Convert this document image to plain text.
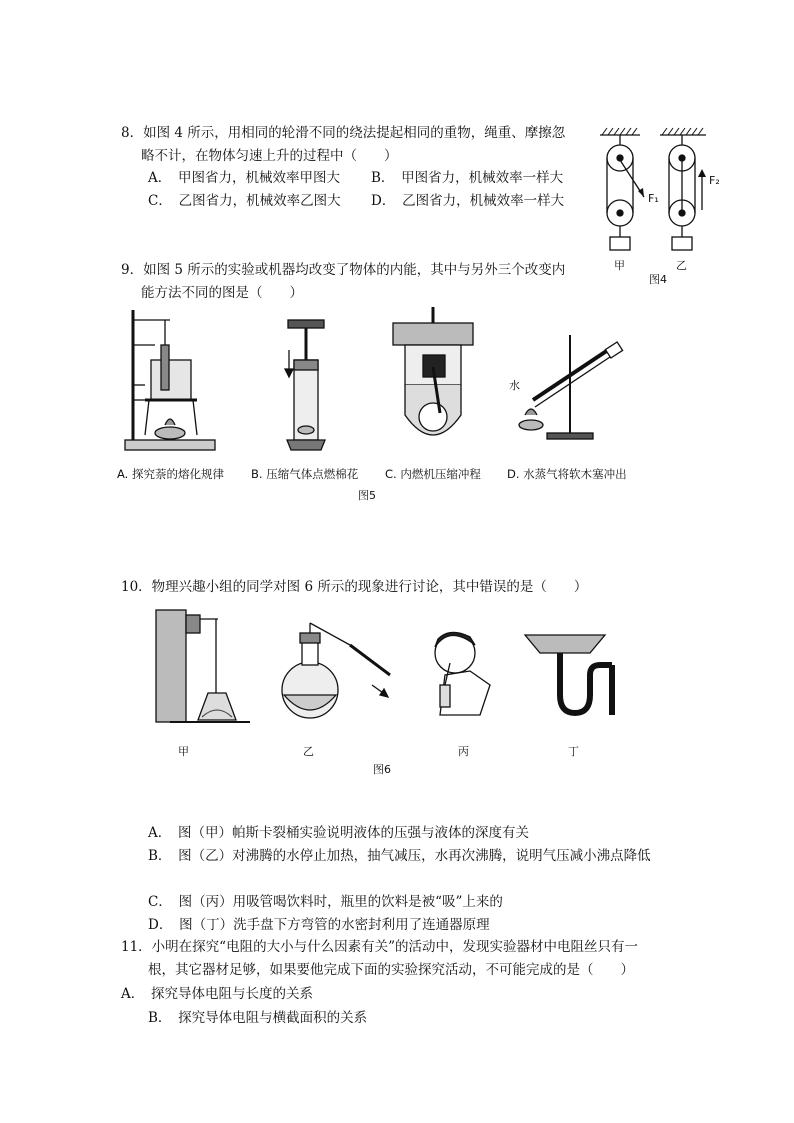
8．如图 4 所示，用相同的轮滑不同的绕法提起相同的重物，绳重、摩擦忽
略不计，在物体匀速上升的过程中（　　）
A．　甲图省力，机械效率甲图大 B．　甲图省力，机械效率一样大
C．　乙图省力，机械效率乙图大 D．　乙图省力，机械效率一样大	F₁
F₂
甲	乙
图4
9．如图 5 所示的实验或机器均改变了物体的内能，其中与另外三个改变内
能方法不同的图是（　　）
水
A. 探究萘的熔化规律 B. 压缩气体点燃棉花 C. 内燃机压缩冲程 D. 水蒸气将软木塞冲出
图5
10．物理兴趣小组的同学对图 6 所示的现象进行讨论，其中错误的是（　　）
甲	乙	丙	丁
图6
A．　图（甲）帕斯卡裂桶实验说明液体的压强与液体的深度有关
B．　图（乙）对沸腾的水停止加热，抽气减压，水再次沸腾，说明气压减小沸点降低
C．　图（丙）用吸管喝饮料时，瓶里的饮料是被“吸”上来的
D．　图（丁）洗手盘下方弯管的水密封利用了连通器原理
11．小明在探究“电阻的大小与什么因素有关”的活动中，发现实验器材中电阻丝只有一
根，其它器材足够，如果要他完成下面的实验探究活动，不可能完成的是（　　）
A．　探究导体电阻与长度的关系
B．　探究导体电阻与横截面积的关系
